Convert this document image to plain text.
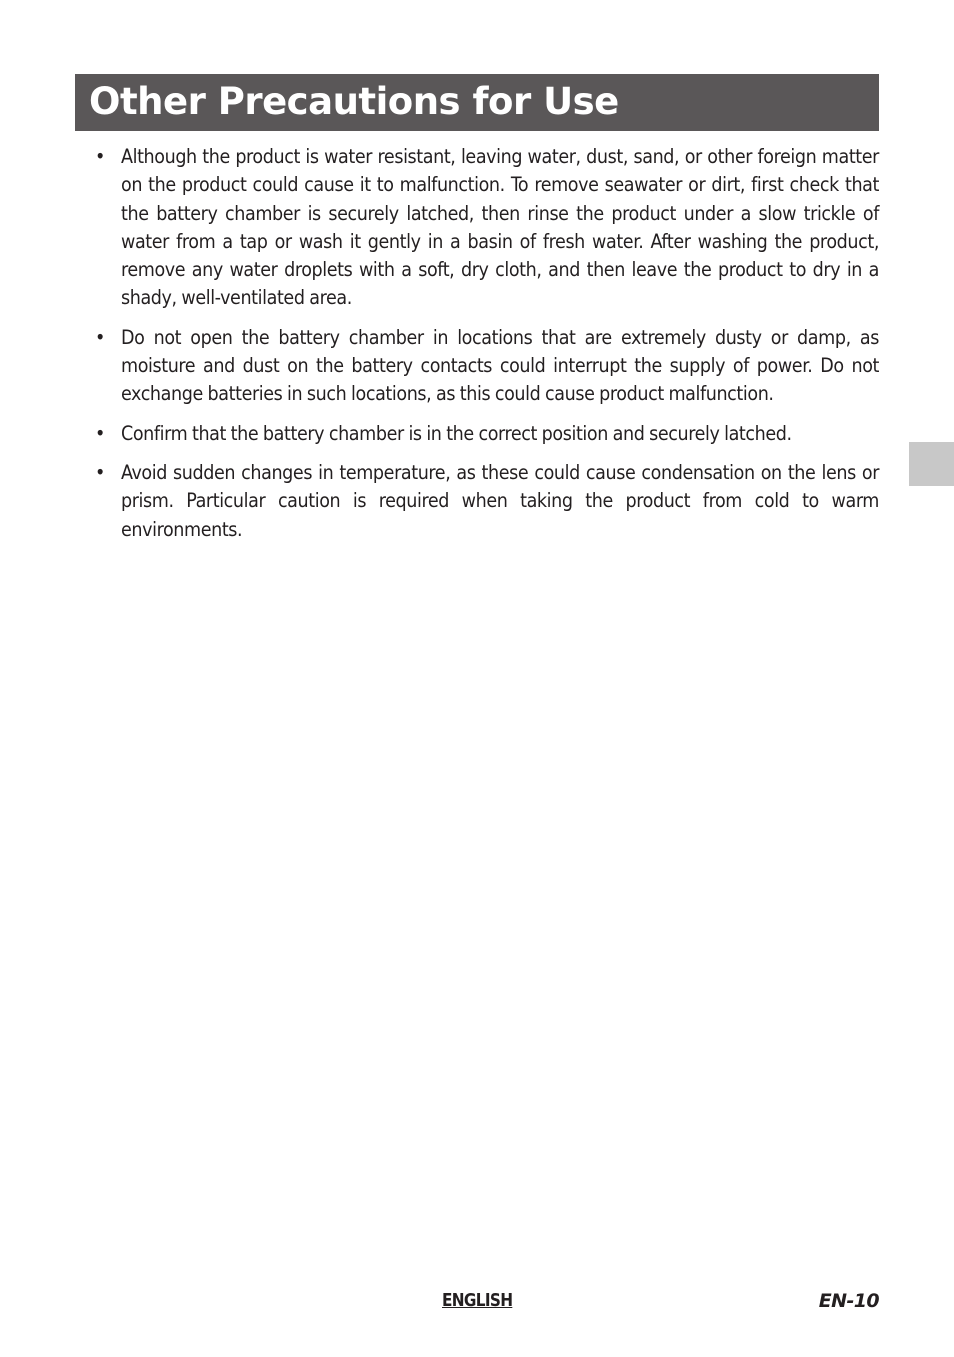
Other Precautions for Use
• Although the product is water resistant, leaving water, dust, sand, or other foreign matter on the product could cause it to malfunction. To remove seawater or dirt, first check that the battery chamber is securely latched, then rinse the product under a slow trickle of water from a tap or wash it gently in a basin of fresh water. After washing the product, remove any water droplets with a soft, dry cloth, and then leave the product to dry in a shady, well-ventilated area.
• Do not open the battery chamber in locations that are extremely dusty or damp, as moisture and dust on the battery contacts could interrupt the supply of power. Do not exchange batteries in such locations, as this could cause product malfunction.
• Confirm that the battery chamber is in the correct position and securely latched.
• Avoid sudden changes in temperature, as these could cause condensation on the lens or prism. Particular caution is required when taking the product from cold to warm environments.
ENGLISH	EN-10
